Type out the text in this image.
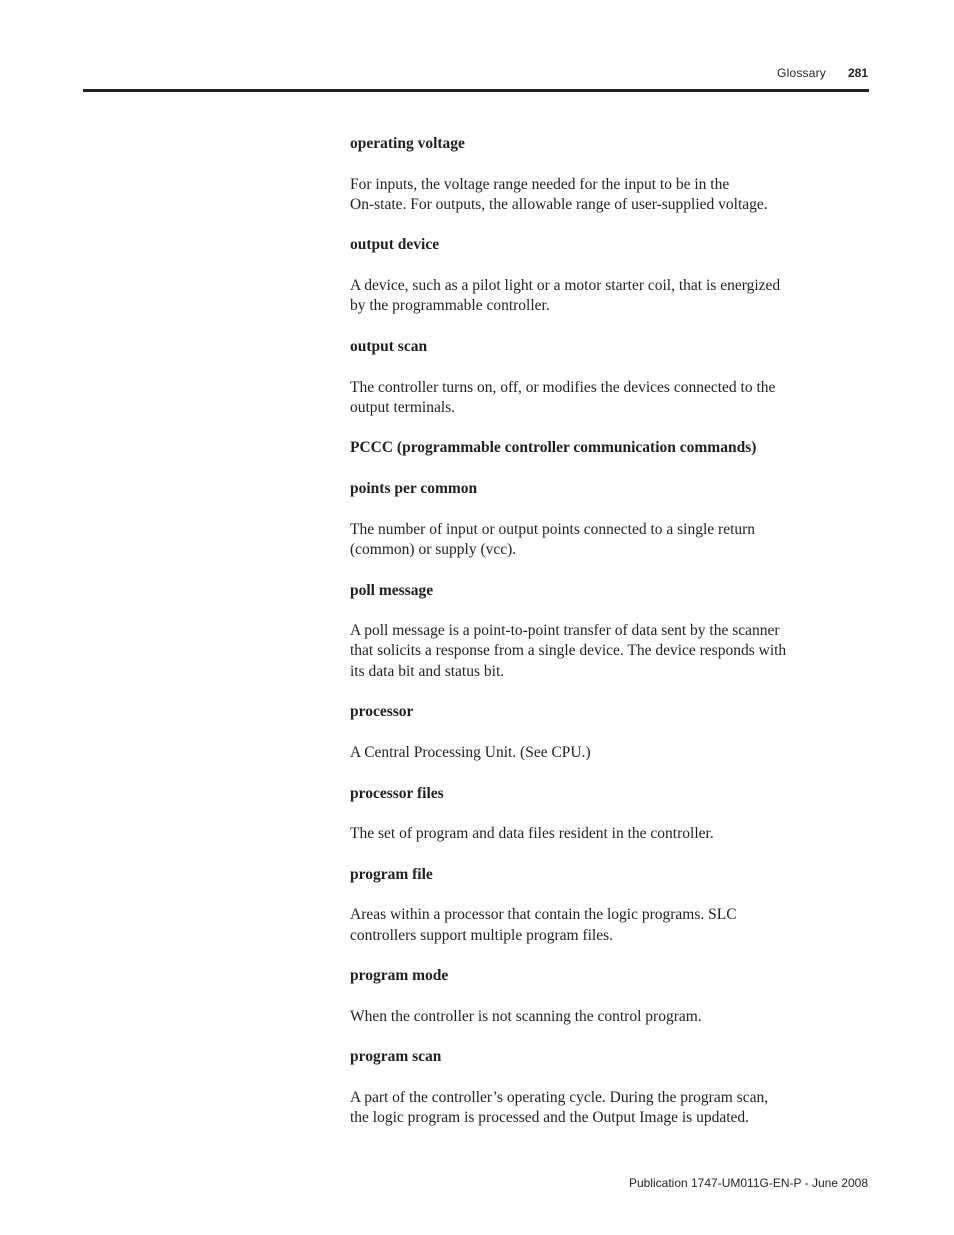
Glossary 281
operating voltage
For inputs, the voltage range needed for the input to be in the
On-state. For outputs, the allowable range of user-supplied voltage.
output device
A device, such as a pilot light or a motor starter coil, that is energized
by the programmable controller.
output scan
The controller turns on, off, or modifies the devices connected to the
output terminals.
PCCC (programmable controller communication commands)
points per common
The number of input or output points connected to a single return
(common) or supply (vcc).
poll message
A poll message is a point-to-point transfer of data sent by the scanner
that solicits a response from a single device. The device responds with
its data bit and status bit.
processor
A Central Processing Unit. (See CPU.)
processor files
The set of program and data files resident in the controller.
program file
Areas within a processor that contain the logic programs. SLC
controllers support multiple program files.
program mode
When the controller is not scanning the control program.
program scan
A part of the controller’s operating cycle. During the program scan,
the logic program is processed and the Output Image is updated.
Publication 1747-UM011G-EN-P - June 2008
